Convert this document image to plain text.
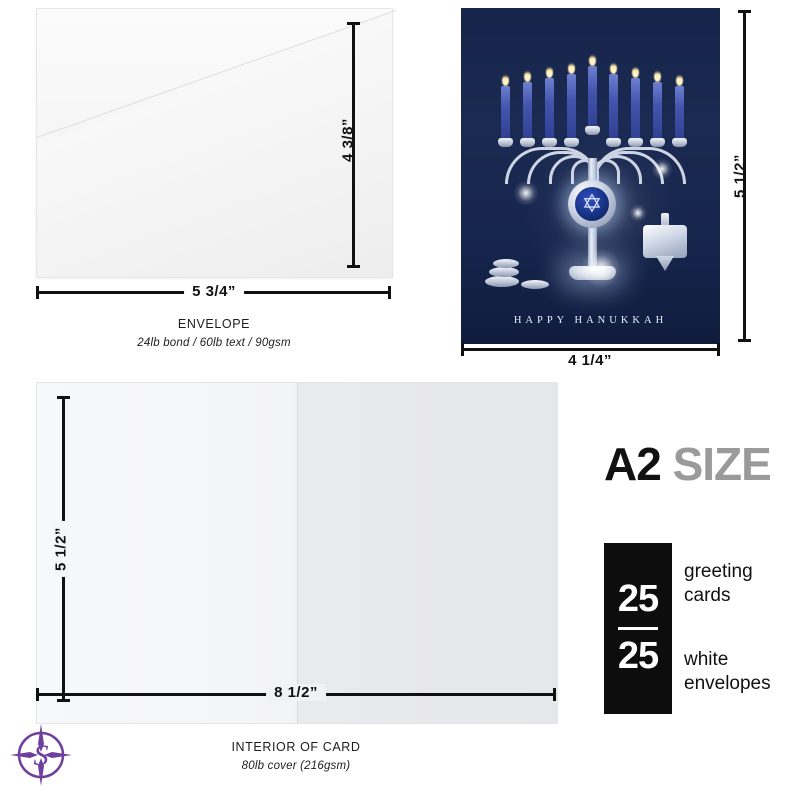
4 3/8”
5 3/4”
ENVELOPE
24lb bond / 60lb text / 90gsm
✡
HAPPY HANUKKAH
5 1/2”
4 1/4”
5 1/2”
8 1/2”
INTERIOR OF CARD
80lb cover (216gsm)
A2 SIZE
25
25
greeting
cards
white
envelopes
S
